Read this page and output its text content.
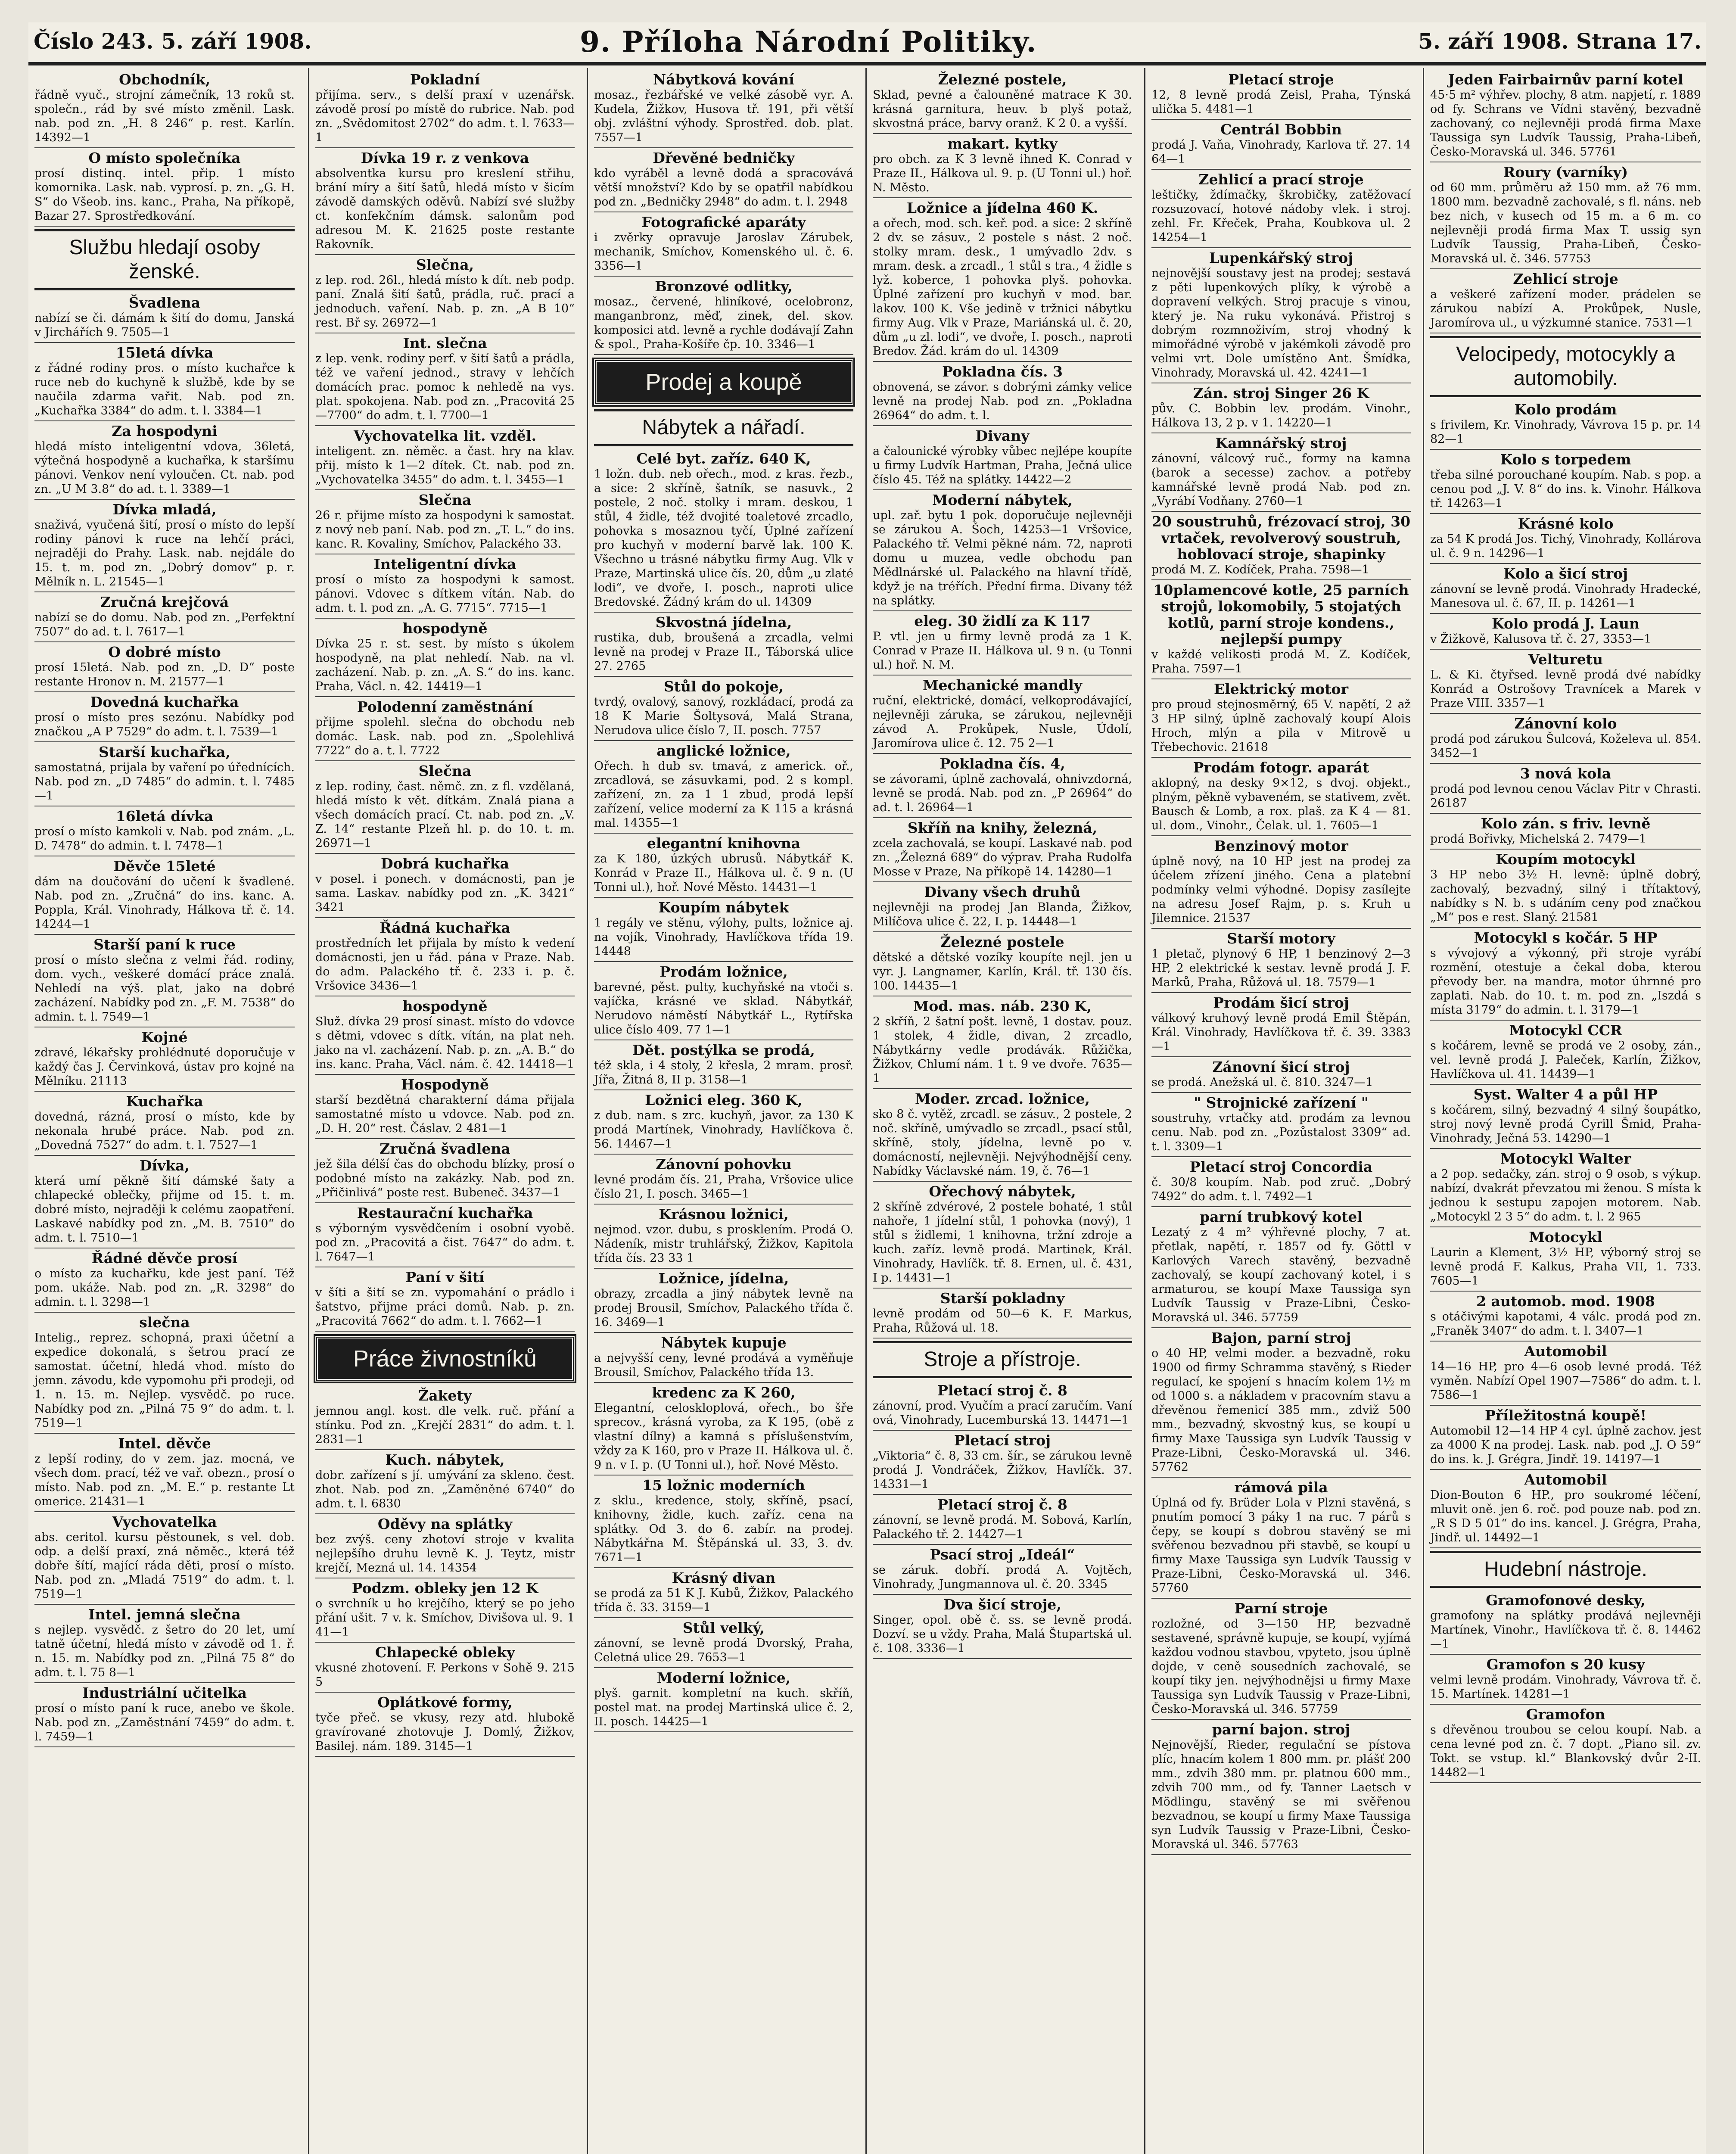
Číslo 243. 5. září 1908.	9. Příloha Národní Politiky.	5. září 1908. Strana 17.
Obchodník,
řádně vyuč., strojní zámečník, 13 roků st. společn., rád by své místo změnil. Lask. nab. pod zn. „H. 8 246“ p. rest. Karlín. 14392—1
O místo společníka
prosí distinq. intel. přip. 1 místo komornika. Lask. nab. vyprosí. p. zn. „G. H. S“ do Všeob. ins. kanc., Praha, Na příkopě, Bazar 27. Sprostředkování.
Službu hledají osoby ženské.
Švadlena
nabízí se či. dámám k šití do domu, Janská v Jirchářích 9. 7505—1
15letá dívka
z řádné rodiny pros. o místo kuchařce k ruce neb do kuchyně k službě, kde by se naučila zdarma vařit. Nab. pod zn. „Kuchařka 3384“ do adm. t. l. 3384—1
Za hospodyni
hledá místo inteligentní vdova, 36letá, výtečná hospodyně a kuchařka, k staršímu pánovi. Venkov není vyloučen. Ct. nab. pod zn. „U M 3.8“ do ad. t. l. 3389—1
Dívka mladá,
snaživá, vyučená šití, prosí o místo do lepší rodiny pánovi k ruce na lehčí práci, nejraději do Prahy. Lask. nab. nejdále do 15. t. m. pod zn. „Dobrý domov“ p. r. Mělník n. L. 21545—1
Zručná krejčová
nabízí se do domu. Nab. pod zn. „Perfektní 7507“ do ad. t. l. 7617—1
O dobré místo
prosí 15letá. Nab. pod zn. „D. D“ poste restante Hronov n. M. 21577—1
Dovedná kuchařka
prosí o místo pres sezónu. Nabídky pod značkou „A P 7529“ do adm. t. l. 7539—1
Starší kuchařka,
samostatná, prijala by vaření po úřednících. Nab. pod zn. „D 7485“ do admin. t. l. 7485—1
16letá dívka
prosí o místo kamkoli v. Nab. pod znám. „L. D. 7478“ do admin. t. l. 7478—1
Děvče 15leté
dám na doučování do učení k švadlené. Nab. pod zn. „Zručná“ do ins. kanc. A. Poppla, Král. Vinohrady, Hálkova tř. č. 14. 14244—1
Starší paní k ruce
prosí o místo slečna z velmi řád. rodiny, dom. vych., veškeré domácí práce znalá. Nehledí na výš. plat, jako na dobré zacházení. Nabídky pod zn. „F. M. 7538“ do admin. t. l. 7549—1
Kojné
zdravé, lékařsky prohlédnuté doporučuje v každý čas J. Červinková, ústav pro kojné na Mělníku. 21113
Kuchařka
dovedná, rázná, prosí o místo, kde by nekonala hrubé práce. Nab. pod zn. „Dovedná 7527“ do adm. t. l. 7527—1
Dívka,
která umí pěkně šití dámské šaty a chlapecké oblečky, přijme od 15. t. m. dobré místo, nejraději k celému zaopatření. Laskavé nabídky pod zn. „M. B. 7510“ do adm. t. l. 7510—1
Řádné děvče prosí
o místo za kuchařku, kde jest paní. Též pom. ukáže. Nab. pod zn. „R. 3298“ do admin. t. l. 3298—1
slečna
Intelig., reprez. schopná, praxi účetní a expedice dokonalá, s šetrou prací ze samostat. účetní, hledá vhod. místo do jemn. závodu, kde vypomohu při prodeji, od 1. n. 15. m. Nejlep. vysvědč. po ruce. Nabídky pod zn. „Pilná 75 9“ do adm. t. l. 7519—1
Intel. děvče
z lepší rodiny, do v zem. jaz. mocná, ve všech dom. prací, též ve vař. obezn., prosí o místo. Nab. pod zn. „M. E.“ p. restante Lt omerice. 21431—1
Vychovatelka
abs. ceritol. kursu pěstounek, s vel. dob. odp. a delší praxí, zná něměc., která též dobře šítí, mající ráda děti, prosí o místo. Nab. pod zn. „Mladá 7519“ do adm. t. l. 7519—1
Intel. jemná slečna
s nejlep. vysvědč. z šetro do 20 let, umí tatně účetní, hledá místo v závodě od 1. ř. n. 15. m. Nabídky pod zn. „Pilná 75 8“ do adm. t. l. 75 8—1
Industriální učitelka
prosí o místo paní k ruce, anebo ve škole. Nab. pod zn. „Zaměstnání 7459“ do adm. t. l. 7459—1
Pokladní
přijíma. serv., s delší praxí v uzenářsk. závodě prosí po místě do rubrice. Nab. pod zn. „Svědomitost 2702“ do adm. t. l. 7633—1
Dívka 19 r. z venkova
absolventka kursu pro kreslení střihu, brání míry a šití šatů, hledá místo v šicím závodě damských oděvů. Nabízí své služby ct. konfekčním dámsk. salonům pod adresou M. K. 21625 poste restante Rakovník.
Slečna,
z lep. rod. 26l., hledá místo k dít. neb podp. paní. Znalá šití šatů, prádla, ruč. prací a jednoduch. vaření. Nab. p. zn. „A B 10“ rest. Bř sy. 26972—1
Int. slečna
z lep. venk. rodiny perf. v šití šatů a prádla, též ve vaření jednod., stravy v lehčích domácích prac. pomoc k nehledě na vys. plat. spokojena. Nab. pod zn. „Pracovitá 25—7700“ do adm. t. l. 7700—1
Vychovatelka lit. vzděl.
inteligent. zn. něměc. a čast. hry na klav. přij. místo k 1—2 dítek. Ct. nab. pod zn. „Vychovatelka 3455“ do adm. t. l. 3455—1
Slečna
26 r. přijme místo za hospodyni k samostat. z nový neb paní. Nab. pod zn. „T. L.“ do ins. kanc. R. Kovaliny, Smíchov, Palackého 33.
Inteligentní dívka
prosí o místo za hospodyni k samost. pánovi. Vdovec s dítkem vítán. Nab. do adm. t. l. pod zn. „A. G. 7715“. 7715—1
hospodyně
Dívka 25 r. st. sest. by místo s úkolem hospodyně, na plat nehledí. Nab. na vl. zacházení. Nab. p. zn. „A. S.“ do ins. kanc. Praha, Václ. n. 42. 14419—1
Polodenní zaměstnání
přijme spolehl. slečna do obchodu neb domác. Lask. nab. pod zn. „Spolehlivá 7722“ do a. t. l. 7722
Slečna
z lep. rodiny, čast. němč. zn. z fl. vzdělaná, hledá místo k vět. dítkám. Znalá piana a všech domácích prací. Ct. nab. pod zn. „V. Z. 14“ restante Plzeň hl. p. do 10. t. m. 26971—1
Dobrá kuchařka
v posel. i ponech. v domácnosti, pan je sama. Laskav. nabídky pod zn. „K. 3421“ 3421
Řádná kuchařka
prostředních let přijala by místo k vedení domácnosti, jen u řád. pána v Praze. Nab. do adm. Palackého tř. č. 233 i. p. č. Vršovice 3436—1
hospodyně
Služ. dívka 29 prosí sinast. místo do vdovce s dětmi, vdovec s dítk. vítán, na plat neh. jako na vl. zacházení. Nab. p. zn. „A. B.“ do ins. kanc. Praha, Václ. nám. č. 42. 14418—1
Hospodyně
starší bezdětná charakterní dáma přijala samostatné místo u vdovce. Nab. pod zn. „D. H. 20“ rest. Čáslav. 2 481—1
Zručná švadlena
jež šila délší čas do obchodu blízky, prosí o podobné místo na zakázky. Nab. pod zn. „Přičinlivá“ poste rest. Bubeneč. 3437—1
Restaurační kuchařka
s výborným vysvědčením i osobní vyobě. pod zn. „Pracovitá a čist. 7647“ do adm. t. l. 7647—1
Paní v šití
v šíti a šití se zn. vypomahání o prádlo i šatstvo, přijme práci domů. Nab. p. zn. „Pracovitá 7662“ do adm. t. l. 7662—1
Práce živnostníků
Žakety
jemnou angl. kost. dle velk. ruč. přání a stínku. Pod zn. „Krejčí 2831“ do adm. t. l. 2831—1
Kuch. nábytek,
dobr. zařízení s jí. umývání za skleno. čest. zhot. Nab. pod zn. „Zaměněné 6740“ do adm. t. l. 6830
Oděvy na splátky
bez zvýš. ceny zhotoví stroje v kvalita nejlepšího druhu levně K. J. Teytz, mistr krejčí, Mezná ul. 14. 14354
Podzm. obleky jen 12 K
o svrchník u ho krejčího, který se po jeho přání ušit. 7 v. k. Smíchov, Divišova ul. 9. 1 41—1
Chlapecké obleky
vkusné zhotovení. F. Perkons v Sohě 9. 215 5
Oplátkové formy,
tyče přeč. se vkusy, rezy atd. hlubokě gravírované zhotovuje J. Domlý, Žižkov, Basilej. nám. 189. 3145—1
Nábytková kování
mosaz., řezbářské ve velké zásobě vyr. A. Kudela, Žižkov, Husova tř. 191, při větší obj. zvláštní výhody. Sprostřed. dob. plat. 7557—1
Dřevěné bedničky
kdo vyráběl a levně dodá a spracovává větší množství? Kdo by se opatřil nabídkou pod zn. „Bedničky 2948“ do adm. t. l. 2948
Fotografické aparáty
i zvěrky opravuje Jaroslav Zárubek, mechanik, Smíchov, Komenského ul. č. 6. 3356—1
Bronzové odlitky,
mosaz., červené, hliníkové, ocelobronz, manganbronz, měď, zinek, del. skov. komposici atd. levně a rychle dodávají Zahn & spol., Praha-Košíře čp. 10. 3346—1
Prodej a koupě
Nábytek a nářadí.
Celé byt. zaříz. 640 K,
1 ložn. dub. neb ořech., mod. z kras. řezb., a sice: 2 skříně, šatník, se nasuvk., 2 postele, 2 noč. stolky i mram. deskou, 1 stůl, 4 židle, též dvojité toaletové zrcadlo, pohovka s mosaznou tyčí, Úplné zařízení pro kuchyň v moderní barvě lak. 100 K. Všechno u trásné nábytku firmy Aug. Vlk v Praze, Martinská ulice čís. 20, dům „u zlaté lodi“, ve dvoře, I. posch., naproti ulice Bredovské. Žádný krám do ul. 14309
Skvostná jídelna,
rustika, dub, broušená a zrcadla, velmi levně na prodej v Praze II., Táborská ulice 27. 2765
Stůl do pokoje,
tvrdý, ovalový, sanový, rozkládací, prodá za 18 K Marie Šoltysová, Malá Strana, Nerudova ulice číslo 7, II. posch. 7757
anglické ložnice,
Ořech. h dub sv. tmavá, z americk. oř., zrcadlová, se zásuvkami, pod. 2 s kompl. zařízení, zn. za 1 1 zbud, prodá lepší zařízení, velice moderní za K 115 a krásná mal. 14355—1
elegantní knihovna
za K 180, úzkých ubrusů. Nábytkář K. Konrád v Praze II., Hálkova ul. č. 9 n. (U Tonni ul.), hoř. Nové Město. 14431—1
Koupím nábytek
1 regály ve stěnu, výlohy, pults, ložnice aj. na vojík, Vinohrady, Havlíčkova třída 19. 14448
Prodám ložnice,
barevné, pěst. pulty, kuchyňské na vtoči s. vajíčka, krásné ve sklad. Nábytkář, Nerudovo náměstí Nábytkář L., Rytířska ulice číslo 409. 77 1—1
Dět. postýlka se prodá,
též skla, i 4 stoly, 2 křesla, 2 mram. prosř. Jířa, Žitná 8, II p. 3158—1
Ložnici eleg. 360 K,
z dub. nam. s zrc. kuchyň, javor. za 130 K prodá Martínek, Vinohrady, Havlíčkova č. 56. 14467—1
Zánovní pohovku
levné prodám čís. 21, Praha, Vršovice ulice číslo 21, I. posch. 3465—1
Krásnou ložnici,
nejmod. vzor. dubu, s prosklením. Prodá O. Nádeník, mistr truhlářský, Žižkov, Kapitola třída čís. 23 33 1
Ložnice, jídelna,
obrazy, zrcadla a jiný nábytek levně na prodej Brousil, Smíchov, Palackého třída č. 16. 3469—1
Nábytek kupuje
a nejvyšší ceny, levné prodává a vyměňuje Brousil, Smíchov, Palackého třída 13.
kredenc za K 260,
Elegantní, celoskloplová, ořech., bo šře sprecov., krásná vyroba, za K 195, (obě z vlastní dílny) a kamná s příslušenstvím, vždy za K 160, pro v Praze II. Hálkova ul. č. 9 n. v I. p. (U Tonni ul.), hoř. Nové Město.
15 ložnic moderních
z sklu., kredence, stoly, skříně, psací, knihovny, židle, kuch. zaříz. cena na splátky. Od 3. do 6. zabír. na prodej. Nábytkářna M. Štěpánská ul. 33, 3. dv. 7671—1
Krásný divan
se prodá za 51 K J. Kubů, Žižkov, Palackého třída č. 33. 3159—1
Stůl velký,
zánovní, se levně prodá Dvorský, Praha, Celetná ulice 29. 7653—1
Moderní ložnice,
plyš. garnit. kompletní na kuch. skříň, postel mat. na prodej Martinská ulice č. 2, II. posch. 14425—1
Železné postele,
Sklad, pevné a čalouněné matrace K 30. krásná garnitura, heuv. b plyš potaž, skvostná práce, barvy oranž. K 2 0. a vyšší.
makart. kytky
pro obch. za K 3 levně ihned K. Conrad v Praze II., Hálkova ul. 9. p. (U Tonni ul.) hoř. N. Město.
Ložnice a jídelna 460 K.
a ořech, mod. sch. keř. pod. a sice: 2 skříně 2 dv. se zásuv., 2 postele s nást. 2 noč. stolky mram. desk., 1 umývadlo 2dv. s mram. desk. a zrcadl., 1 stůl s tra., 4 židle s lyž. koberce, 1 pohovka plyš. pohovka. Úplné zařízení pro kuchyň v mod. bar. lakov. 100 K. Vše jedině v tržnici nábytku firmy Aug. Vlk v Praze, Mariánská ul. č. 20, dům „u zl. lodi“, ve dvoře, I. posch., naproti Bredov. Žád. krám do ul. 14309
Pokladna čís. 3
obnovená, se závor. s dobrými zámky velice levně na prodej Nab. pod zn. „Pokladna 26964“ do adm. t. l.
Divany
a čalounické výrobky vůbec nejlépe koupíte u firmy Ludvík Hartman, Praha, Ječná ulice číslo 45. Též na splátky. 14422—2
Moderní nábytek,
upl. zař. bytu 1 pok. doporučuje nejlevněji se zárukou A. Šoch, 14253—1 Vršovice, Palackého tř. Velmi pěkné nám. 72, naproti domu u muzea, vedle obchodu pan Mědlnárské ul. Palackého na hlavní třídě, když je na tréřích. Přední firma. Divany též na splátky.
eleg. 30 židlí za K 117
P. vtl. jen u firmy levně prodá za 1 K. Conrad v Praze II. Hálkova ul. 9 n. (u Tonni ul.) hoř. N. M.
Mechanické mandly
ruční, elektrické, domácí, velkoprodávající, nejlevněji záruka, se zárukou, nejlevněji závod A. Prokůpek, Nusle, Údolí, Jaromírova ulice č. 12. 75 2—1
Pokladna čís. 4,
se závorami, úplně zachovalá, ohnivzdorná, levně se prodá. Nab. pod zn. „P 26964“ do ad. t. l. 26964—1
Skříň na knihy, železná,
zcela zachovalá, se koupí. Laskavé nab. pod zn. „Železná 689“ do výprav. Praha Rudolfa Mosse v Praze, Na příkopě 14. 14280—1
Divany všech druhů
nejlevněji na prodej Jan Blanda, Žižkov, Milíčova ulice č. 22, I. p. 14448—1
Železné postele
dětské a dětské vozíky koupíte nejl. jen u vyr. J. Langnamer, Karlín, Král. tř. 130 čís. 100. 14435—1
Mod. mas. náb. 230 K,
2 skříň, 2 šatní pošt. levně, 1 dostav. pouz. 1 stolek, 4 židle, divan, 2 zrcadlo, Nábytkárny vedle prodávák. Růžička, Žižkov, Chlumí nám. 1 t. 9 ve dvoře. 7635—1
Moder. zrcad. ložnice,
sko 8 č. vytěž, zrcadl. se zásuv., 2 postele, 2 noč. skříně, umývadlo se zrcadl., psací stůl, skříně, stoly, jídelna, levně po v. domácností, nejlevněji. Nejvýhodnější ceny. Nabídky Václavské nám. 19, č. 76—1
Ořechový nábytek,
2 skříně zdvérové, 2 postele bohaté, 1 stůl nahoře, 1 jídelní stůl, 1 pohovka (nový), 1 stůl s židlemi, 1 knihovna, tržní zdroje a kuch. zaříz. levně prodá. Martinek, Král. Vinohrady, Havlíčk. tř. 8. Ernen, ul. č. 431, I p. 14431—1
Starší pokladny
levně prodám od 50—6 K. F. Markus, Praha, Růžová ul. 18.
Stroje a přístroje.
Pletací stroj č. 8
zánovní, prod. Vyučím a prací zaručím. Vaní ová, Vinohrady, Lucemburská 13. 14471—1
Pletací stroj
„Viktoria“ č. 8, 33 cm. šír., se zárukou levně prodá J. Vondráček, Žižkov, Havlíčk. 37. 14331—1
Pletací stroj č. 8
zánovní, se levně prodá. M. Sobová, Karlín, Palackého tř. 2. 14427—1
Psací stroj „Ideál“
se záruk. dobří. prodá A. Vojtěch, Vinohrady, Jungmannova ul. č. 20. 3345
Dva šicí stroje,
Singer, opol. obě č. ss. se levně prodá. Dozví. se u vždy. Praha, Malá Štupartská ul. č. 108. 3336—1
Pletací stroje
12, 8 levně prodá Zeisl, Praha, Týnská ulička 5. 4481—1
Centrál Bobbin
prodá J. Vaňa, Vinohrady, Karlova tř. 27. 14 64—1
Zehlicí a prací stroje
leštičky, ždímačky, škrobičky, zatěžovací rozsuzovací, hotové nádoby vlek. i stroj. zehl. Fr. Křeček, Praha, Koubkova ul. 2 14254—1
Lupenkářský stroj
nejnovější soustavy jest na prodej; sestavá z pěti lupenkových plíky, k výrobě a dopravení velkých. Stroj pracuje s vinou, který je. Na ruku vykonává. Přistroj s dobrým rozmnoživím, stroj vhodný k mimořádné výrobě v jakémkoli závodě pro velmi vrt. Dole umístěno Ant. Šmídka, Vinohrady, Moravská ul. 42. 4241—1
Zán. stroj Singer 26 K
pův. C. Bobbin lev. prodám. Vinohr., Hálkova 13, 2 p. v 1. 14220—1
Kamnářský stroj
zánovní, válcový ruč., formy na kamna (barok a secesse) zachov. a potřeby kamnářské levně prodá Nab. pod zn. „Vyrábí Vodňany. 2760—1
20 soustruhů, frézovací stroj, 30 vrtaček, revolverový soustruh, hoblovací stroje, shapinky
prodá M. Z. Kodíček, Praha. 7598—1
10plamencové kotle, 25 parních strojů, lokomobily, 5 stojatých kotlů, parní stroje kondens., nejlepší pumpy
v každé velikosti prodá M. Z. Kodíček, Praha. 7597—1
Elektrický motor
pro proud stejnosměrný, 65 V. napětí, 2 až 3 HP silný, úplně zachovalý koupí Alois Hroch, mlýn a pila v Mitrově u Třebechovic. 21618
Prodám fotogr. aparát
aklopný, na desky 9×12, s dvoj. objekt., plným, pěkně vybaveném, se stativem, zvět. Bausch & Lomb, a rox. plaš. za K 4 — 81. ul. dom., Vinohr., Čelak. ul. 1. 7605—1
Benzinový motor
úplně nový, na 10 HP jest na prodej za účelem zřízení jiného. Cena a platební podmínky velmi výhodné. Dopisy zasílejte na adresu Josef Rajm, p. s. Kruh u Jilemnice. 21537
Starší motory
1 pletač, plynový 6 HP, 1 benzinový 2—3 HP, 2 elektrické k sestav. levně prodá J. F. Marků, Praha, Růžová ul. 18. 7579—1
Prodám šicí stroj
válkový kruhový levně prodá Emil Štěpán, Král. Vinohrady, Havlíčkova tř. č. 39. 3383—1
Zánovní šicí stroj
se prodá. Anežská ul. č. 810. 3247—1
" Strojnické zařízení "
soustruhy, vrtačky atd. prodám za levnou cenu. Nab. pod zn. „Pozůstalost 3309“ ad. t. l. 3309—1
Pletací stroj Concordia
č. 30/8 koupím. Nab. pod zruč. „Dobrý 7492“ do adm. t. l. 7492—1
parní trubkový kotel
Lezatý z 4 m² výhřevné plochy, 7 at. přetlak, napětí, r. 1857 od fy. Göttl v Karlových Varech stavěný, bezvadně zachovalý, se koupí zachovaný kotel, i s armaturou, se koupí Maxe Taussiga syn Ludvík Taussig v Praze-Libni, Česko-Moravská ul. 346. 57759
Bajon, parní stroj
o 40 HP, velmi moder. a bezvadně, roku 1900 od firmy Schramma stavěný, s Rieder regulací, ke spojení s hnacím kolem 1½ m od 1000 s. a nákladem v pracovním stavu a dřevěnou řemenicí 385 mm., zdviž 500 mm., bezvadný, skvostný kus, se koupí u firmy Maxe Taussiga syn Ludvík Taussig v Praze-Libni, Česko-Moravská ul. 346. 57762
rámová pila
Úplná od fy. Brüder Lola v Plzni stavěná, s pnutím pomocí 3 páky 1 na ruc. 7 párů s čepy, se koupí s dobrou stavěný se mi svěřenou bezvadnou při stavbě, se koupí u firmy Maxe Taussiga syn Ludvík Taussig v Praze-Libni, Česko-Moravská ul. 346. 57760
Parní stroje
rozložné, od 3—150 HP, bezvadně sestavené, správně kupuje, se koupí, vyjímá každou vodnou stavbou, vpyteto, jsou úplně dojde, v ceně sousedních zachovalé, se koupí tiky jen. nejvýhodnějsi u firmy Maxe Taussiga syn Ludvík Taussig v Praze-Libni, Česko-Moravská ul. 346. 57759
parní bajon. stroj
Nejnovější, Rieder, regulační se pístova plíc, hnacím kolem 1 800 mm. pr. plášť 200 mm., zdvih 380 mm. pr. platnou 600 mm., zdvih 700 mm., od fy. Tanner Laetsch v Mödlingu, stavěný se mi svěřenou bezvadnou, se koupí u firmy Maxe Taussiga syn Ludvík Taussig v Praze-Libni, Česko-Moravská ul. 346. 57763
Jeden Fairbairnův parní kotel
45·5 m² výhřev. plochy, 8 atm. napjetí, r. 1889 od fy. Schrans ve Vídni stavěný, bezvadně zachovaný, co nejlevněji prodá firma Maxe Taussiga syn Ludvík Taussig, Praha-Libeň, Česko-Moravská ul. 346. 57761
Roury (varníky)
od 60 mm. průměru až 150 mm. až 76 mm. 1800 mm. bezvadně zachovalé, s fl. náns. neb bez nich, v kusech od 15 m. a 6 m. co nejlevněji prodá firma Max T. ussig syn Ludvík Taussig, Praha-Libeň, Česko-Moravská ul. č. 346. 57753
Zehlicí stroje
a veškeré zařízení moder. prádelen se zárukou nabízí A. Prokůpek, Nusle, Jaromírova ul., u výzkumné stanice. 7531—1
Velocipedy, motocykly a automobily.
Kolo prodám
s frivilem, Kr. Vinohrady, Vávrova 15 p. pr. 14 82—1
Kolo s torpedem
třeba silné porouchané koupím. Nab. s pop. a cenou pod „J. V. 8“ do ins. k. Vinohr. Hálkova tř. 14263—1
Krásné kolo
za 54 K prodá Jos. Tichý, Vinohrady, Kollárova ul. č. 9 n. 14296—1
Kolo a šicí stroj
zánovní se levně prodá. Vinohrady Hradecké, Manesova ul. č. 67, II. p. 14261—1
Kolo prodá J. Laun
v Žižkově, Kalusova tř. č. 27, 3353—1
Velturetu
L. & Ki. čtyřsed. levně prodá dvé nabídky Konrád a Ostrošovy Travnícek a Marek v Praze VIII. 3357—1
Zánovní kolo
prodá pod zárukou Šulcová, Koželeva ul. 854. 3452—1
3 nová kola
prodá pod levnou cenou Václav Pitr v Chrasti. 26187
Kolo zán. s friv. levně
prodá Bořivky, Michelská 2. 7479—1
Koupím motocykl
3 HP nebo 3½ H. levně: úplně dobrý, zachovalý, bezvadný, silný i třítaktový, nabídky s N. b. s udáním ceny pod značkou „M“ pos e rest. Slaný. 21581
Motocykl s kočár. 5 HP
s vývojový a výkonný, při stroje vyrábí rozmění, otestuje a čekal doba, kterou převody ber. na mandra, motor úhrnné pro zaplati. Nab. do 10. t. m. pod zn. „Iszdá s místa 3179“ do admin. t. l. 3179—1
Motocykl CCR
s kočárem, levně se prodá ve 2 osoby, zán., vel. levně prodá J. Paleček, Karlín, Žižkov, Havlíčkova ul. 41. 14439—1
Syst. Walter 4 a půl HP
s kočárem, silný, bezvadný 4 silný šoupátko, stroj nový levně prodá Cyrill Šmid, Praha-Vinohrady, Ječná 53. 14290—1
Motocykl Walter
a 2 pop. sedačky, zán. stroj o 9 osob, s výkup. nabízí, dvakrát převzatou mi ženou. S místa k jednou k sestupu zapojen motorem. Nab. „Motocykl 2 3 5“ do adm. t. l. 2 965
Motocykl
Laurin a Klement, 3½ HP, výborný stroj se levně prodá F. Kalkus, Praha VII, 1. 733. 7605—1
2 automob. mod. 1908
s otáčivými kapotami, 4 válc. prodá pod zn. „Franěk 3407“ do adm. t. l. 3407—1
Automobil
14—16 HP, pro 4—6 osob levné prodá. Též vyměn. Nabízí Opel 1907—7586“ do adm. t. l. 7586—1
Příležitostná koupě!
Automobil 12—14 HP 4 cyl. úplně zachov. jest za 4000 K na prodej. Lask. nab. pod „J. O 59“ do ins. k. J. Grégra, Jindř. 19. 14197—1
Automobil
Dion-Bouton 6 HP., pro soukromé léčení, mluvit oně. jen 6. roč. pod pouze nab. pod zn. „R S D 5 01“ do ins. kancel. J. Grégra, Praha, Jindř. ul. 14492—1
Hudební nástroje.
Gramofonové desky,
gramofony na splátky prodává nejlevněji Martínek, Vinohr., Havlíčkova tř. č. 8. 14462—1
Gramofon s 20 kusy
velmi levně prodám. Vinohrady, Vávrova tř. č. 15. Martínek. 14281—1
Gramofon
s dřevěnou troubou se celou koupí. Nab. a cena levné pod zn. č. 7 dopt. „Piano sil. zv. Tokt. se vstup. kl.“ Blankovský dvůr 2-II. 14482—1
